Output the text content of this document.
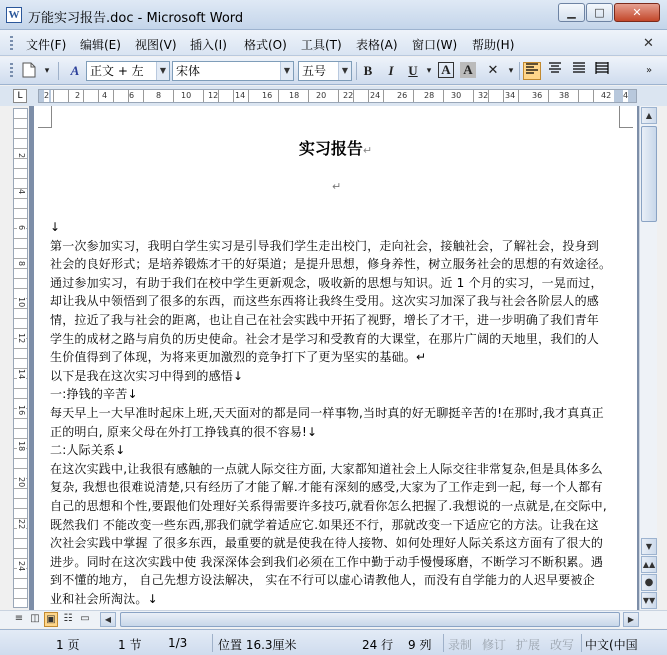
W 万能实习报告.doc - Microsoft Word	▁	□	✕
文件(F) 编辑(E) 视图(V) 插入(I) 格式(O) 工具(T) 表格(A) 窗口(W) 帮助(H)	✕
▾	A 正文 + 左	▼ 宋体	▼ 五号	▼	B	I	U	▾ A A ✕	▾	»
L	2	2	4	6	8 10 12 14 16 18 20 22 24 26 28 30 32 34 36 38	42 4
2
4
6
8
10
12
14
16
18
20
22
24
实习报告↵
↵
↓
第一次参加实习，我明白学生实习是引导我们学生走出校门，走向社会，接触社会，了解社会，投身到
社会的良好形式；是培养锻炼才干的好渠道；是提升思想，修身养性，树立服务社会的思想的有效途径。
通过参加实习，有助于我们在校中学生更新观念，吸收新的思想与知识。近 1 个月的实习，一晃而过，
却让我从中领悟到了很多的东西，而这些东西将让我终生受用。这次实习加深了我与社会各阶层人的感
情，拉近了我与社会的距离，也让自己在社会实践中开拓了视野，增长了才干，进一步明确了我们青年
学生的成材之路与肩负的历史使命。社会才是学习和受教育的大课堂，在那片广阔的天地里，我们的人
生价值得到了体现，为将来更加激烈的竞争打下了更为坚实的基础。↵
以下是我在这次实习中得到的感悟↓
一:挣钱的辛苦↓
每天早上一大早准时起床上班,天天面对的都是同一样事物,当时真的好无聊挺辛苦的!在那时,我才真真正
正的明白, 原来父母在外打工挣钱真的很不容易!↓
二:人际关系↓
在这次实践中,让我很有感触的一点就人际交往方面, 大家都知道社会上人际交往非常复杂,但是具体多么
复杂, 我想也很难说清楚,只有经历了才能了解.才能有深刻的感受,大家为了工作走到一起, 每一个人都有
自己的思想和个性,要跟他们处理好关系得需要许多技巧,就看你怎么把握了.我想说的一点就是,在交际中,
既然我们 不能改变一些东西,那我们就学着适应它.如果还不行，那就改变一下适应它的方法。让我在这
次社会实践中掌握 了很多东西，最重要的就是使我在待人接物、如何处理好人际关系这方面有了很大的
进步。同时在这次实践中使 我深深体会到我们必须在工作中勤于动手慢慢琢磨，不断学习不断积累。遇
到不懂的地方， 自己先想方设法解决， 实在不行可以虚心请教他人，而没有自学能力的人迟早要被企
业和社会所淘汰。↓
▲
▼
▲▲
●
▼▼
≡ ◫ ▣ ☷ ▭	◀	▶
1 页	1 节 1/3	位置 16.3厘米	24 行 9 列 录制 修订 扩展 改写 中文(中国
